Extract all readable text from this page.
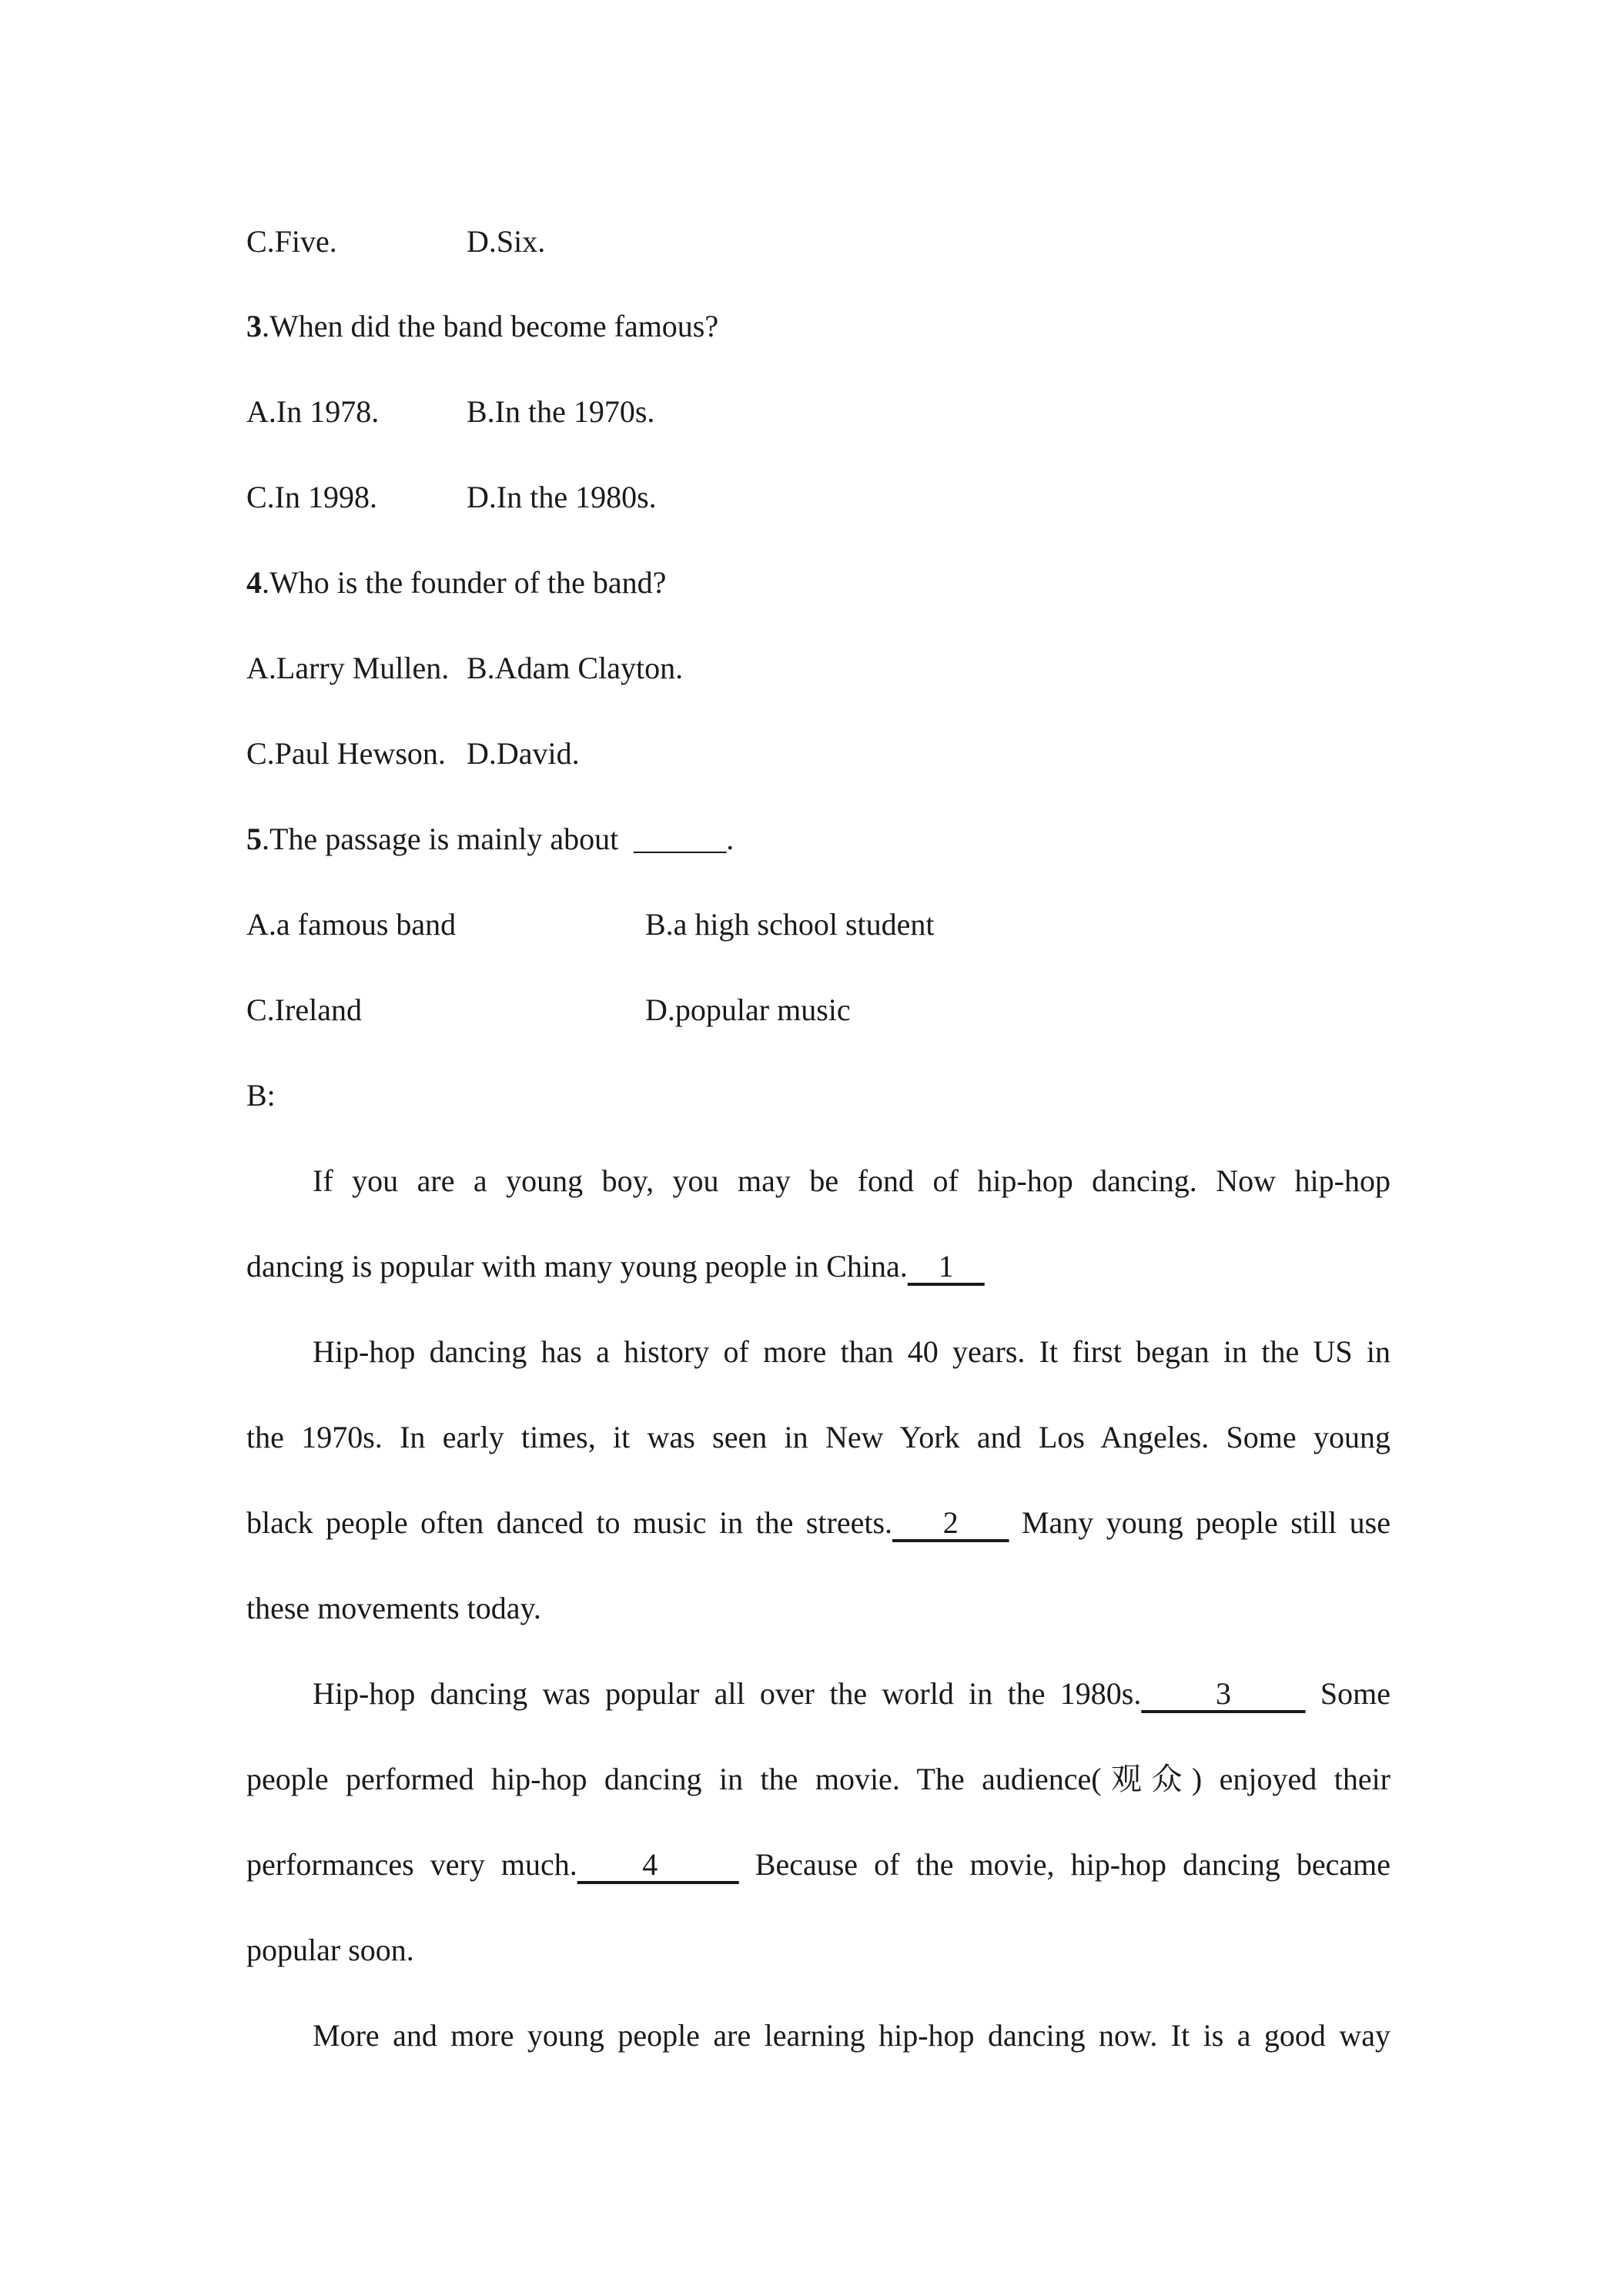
C.Five.	D.Six.
3.When did the band become famous?
A.In 1978.	B.In the 1970s.
C.In 1998.	D.In the 1980s.
4.Who is the founder of the band?
A.Larry Mullen. B.Adam Clayton.
C.Paul Hewson. D.David.
5.The passage is mainly about ______.
A.a famous band	B.a high school student
C.Ireland	D.popular music
B:
If you are a young boy, you may be fond of hip-hop dancing. Now hip-hop
dancing is popular with many young people in China.    1
Hip-hop dancing has a history of more than 40 years. It first began in the US in
the 1970s. In early times, it was seen in New York and Los Angeles. Some young
black people often danced to music in the streets.    2     Many young people still use
these movements today.
Hip-hop dancing was popular all over the world in the 1980s.     3      Some
people performed hip-hop dancing in the movie. The audience(观众) enjoyed their
performances very much.    4      Because of the movie, hip-hop dancing became
popular soon.
More and more young people are learning hip-hop dancing now. It is a good way
